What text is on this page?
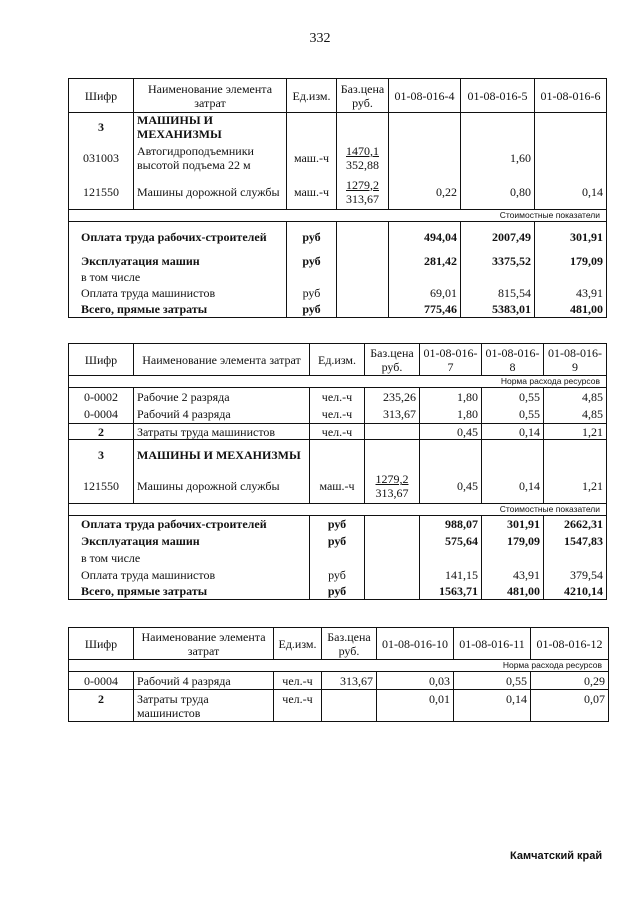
332
Шифр	Наименование элемента затрат	Ед.изм.	Баз.цена руб.	01-08-016-4	01-08-016-5	01-08-016-6
3	МАШИНЫ И МЕХАНИЗМЫ					
031003	Автогидроподъемники высотой подъема 22 м	маш.-ч	1470,1
352,88		1,60	
121550	Машины дорожной службы	маш.-ч	1279,2
313,67	0,22	0,80	0,14
Стоимостные показатели						
Оплата труда рабочих-строителей		руб		494,04	2007,49	301,91
Эксплуатация машин		руб		281,42	3375,52	179,09
в том числе						
Оплата труда машинистов		руб		69,01	815,54	43,91
Всего, прямые затраты		руб		775,46	5383,01	481,00
Шифр	Наименование элемента затрат	Ед.изм.	Баз.цена руб.	01-08-016-7	01-08-016-8	01-08-016-9
Норма расхода ресурсов						
0-0002	Рабочие 2 разряда	чел.-ч	235,26	1,80	0,55	4,85
0-0004	Рабочий 4 разряда	чел.-ч	313,67	1,80	0,55	4,85
2	Затраты труда машинистов	чел.-ч		0,45	0,14	1,21
3	МАШИНЫ И МЕХАНИЗМЫ					
121550	Машины дорожной службы	маш.-ч	1279,2
313,67	0,45	0,14	1,21
Стоимостные показатели						
Оплата труда рабочих-строителей		руб		988,07	301,91	2662,31
Эксплуатация машин		руб		575,64	179,09	1547,83
в том числе						
Оплата труда машинистов		руб		141,15	43,91	379,54
Всего, прямые затраты		руб		1563,71	481,00	4210,14
Шифр	Наименование элемента затрат	Ед.изм.	Баз.цена руб.	01-08-016-10	01-08-016-11	01-08-016-12
Норма расхода ресурсов						
0-0004	Рабочий 4 разряда	чел.-ч	313,67	0,03	0,55	0,29
2	Затраты труда машинистов	чел.-ч		0,01	0,14	0,07
Камчатский край
